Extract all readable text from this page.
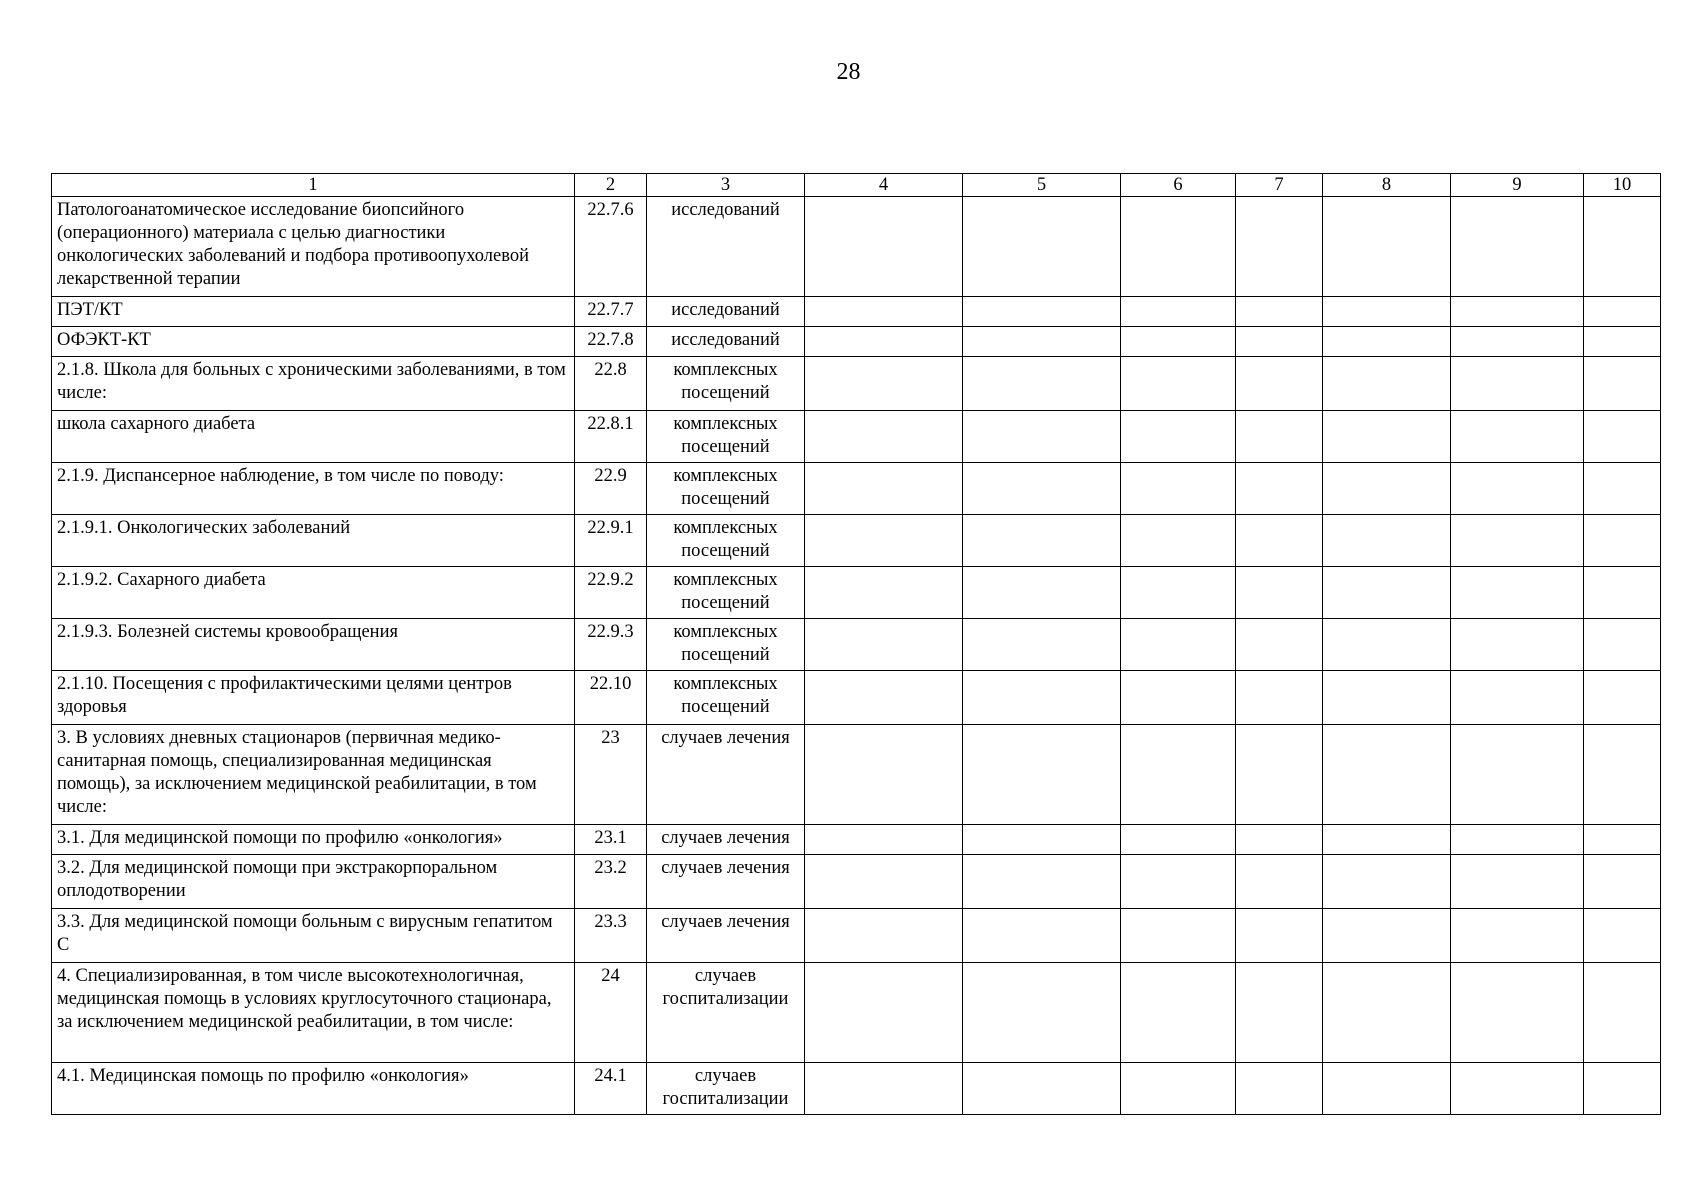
28
1	2	3	4	5	6	7	8	9	10
Патологоанатомическое исследование биопсийного (операционного) материала с целью диагностики онкологических заболеваний и подбора противоопухолевой лекарственной терапии	22.7.6	исследований							
ПЭТ/КТ	22.7.7	исследований							
ОФЭКТ-КТ	22.7.8	исследований							
2.1.8. Школа для больных с хроническими заболеваниями, в том числе:	22.8	комплексных посещений							
школа сахарного диабета	22.8.1	комплексных посещений							
2.1.9. Диспансерное наблюдение, в том числе по поводу:	22.9	комплексных посещений							
2.1.9.1. Онкологических заболеваний	22.9.1	комплексных посещений							
2.1.9.2. Сахарного диабета	22.9.2	комплексных посещений							
2.1.9.3. Болезней системы кровообращения	22.9.3	комплексных посещений							
2.1.10. Посещения с профилактическими целями центров здоровья	22.10	комплексных посещений							
3. В условиях дневных стационаров (первичная медико-санитарная помощь, специализированная медицинская помощь), за исключением медицинской реабилитации, в том числе:	23	случаев лечения							
3.1. Для медицинской помощи по профилю «онкология»	23.1	случаев лечения							
3.2. Для медицинской помощи при экстракорпоральном оплодотворении	23.2	случаев лечения							
3.3. Для медицинской помощи больным с вирусным гепатитом С	23.3	случаев лечения							
4. Специализированная, в том числе высокотехнологичная, медицинская помощь в условиях круглосуточного стационара, за исключением медицинской реабилитации, в том числе:	24	случаев госпитализации							
4.1. Медицинская помощь по профилю «онкология»	24.1	случаев госпитализации							
